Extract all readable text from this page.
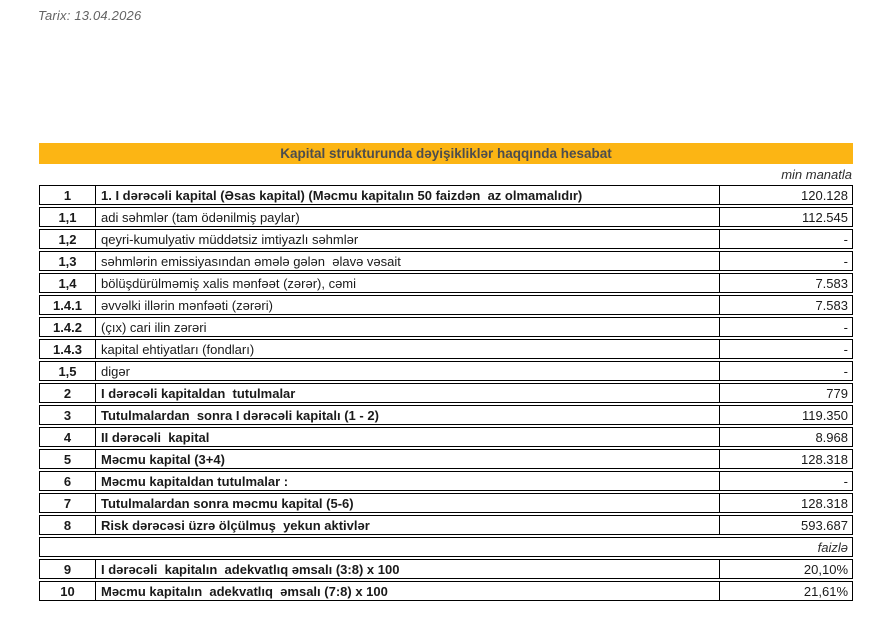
Tarix: 13.04.2026
Kapital strukturunda dəyişikliklər haqqında hesabat
min manatla
1	1. I dərəcəli kapital (Əsas kapital) (Məcmu kapitalın 50 faizdən  az olmamalıdır)	120.128
1,1	adi səhmlər (tam ödənilmiş paylar)	112.545
1,2	qeyri-kumulyativ müddətsiz imtiyazlı səhmlər	-
1,3	səhmlərin emissiyasından əmələ gələn  əlavə vəsait	-
1,4	bölüşdürülməmiş xalis mənfəət (zərər), cəmi	7.583
1.4.1	əvvəlki illərin mənfəəti (zərəri)	7.583
1.4.2	(çıx) cari ilin zərəri	-
1.4.3	kapital ehtiyatları (fondları)	-
1,5	digər	-
2	I dərəcəli kapitaldan  tutulmalar	779
3	Tutulmalardan  sonra I dərəcəli kapitalı (1 - 2)	119.350
4	II dərəcəli  kapital	8.968
5	Məcmu kapital (3+4)	128.318
6	Məcmu kapitaldan tutulmalar :	-
7	Tutulmalardan sonra məcmu kapital (5-6)	128.318
8	Risk dərəcəsi üzrə ölçülmuş  yekun aktivlər	593.687
faizlə
9	I dərəcəli  kapitalın  adekvatlıq əmsalı (3:8) x 100	20,10%
10	Məcmu kapitalın  adekvatlıq  əmsalı (7:8) x 100	21,61%
